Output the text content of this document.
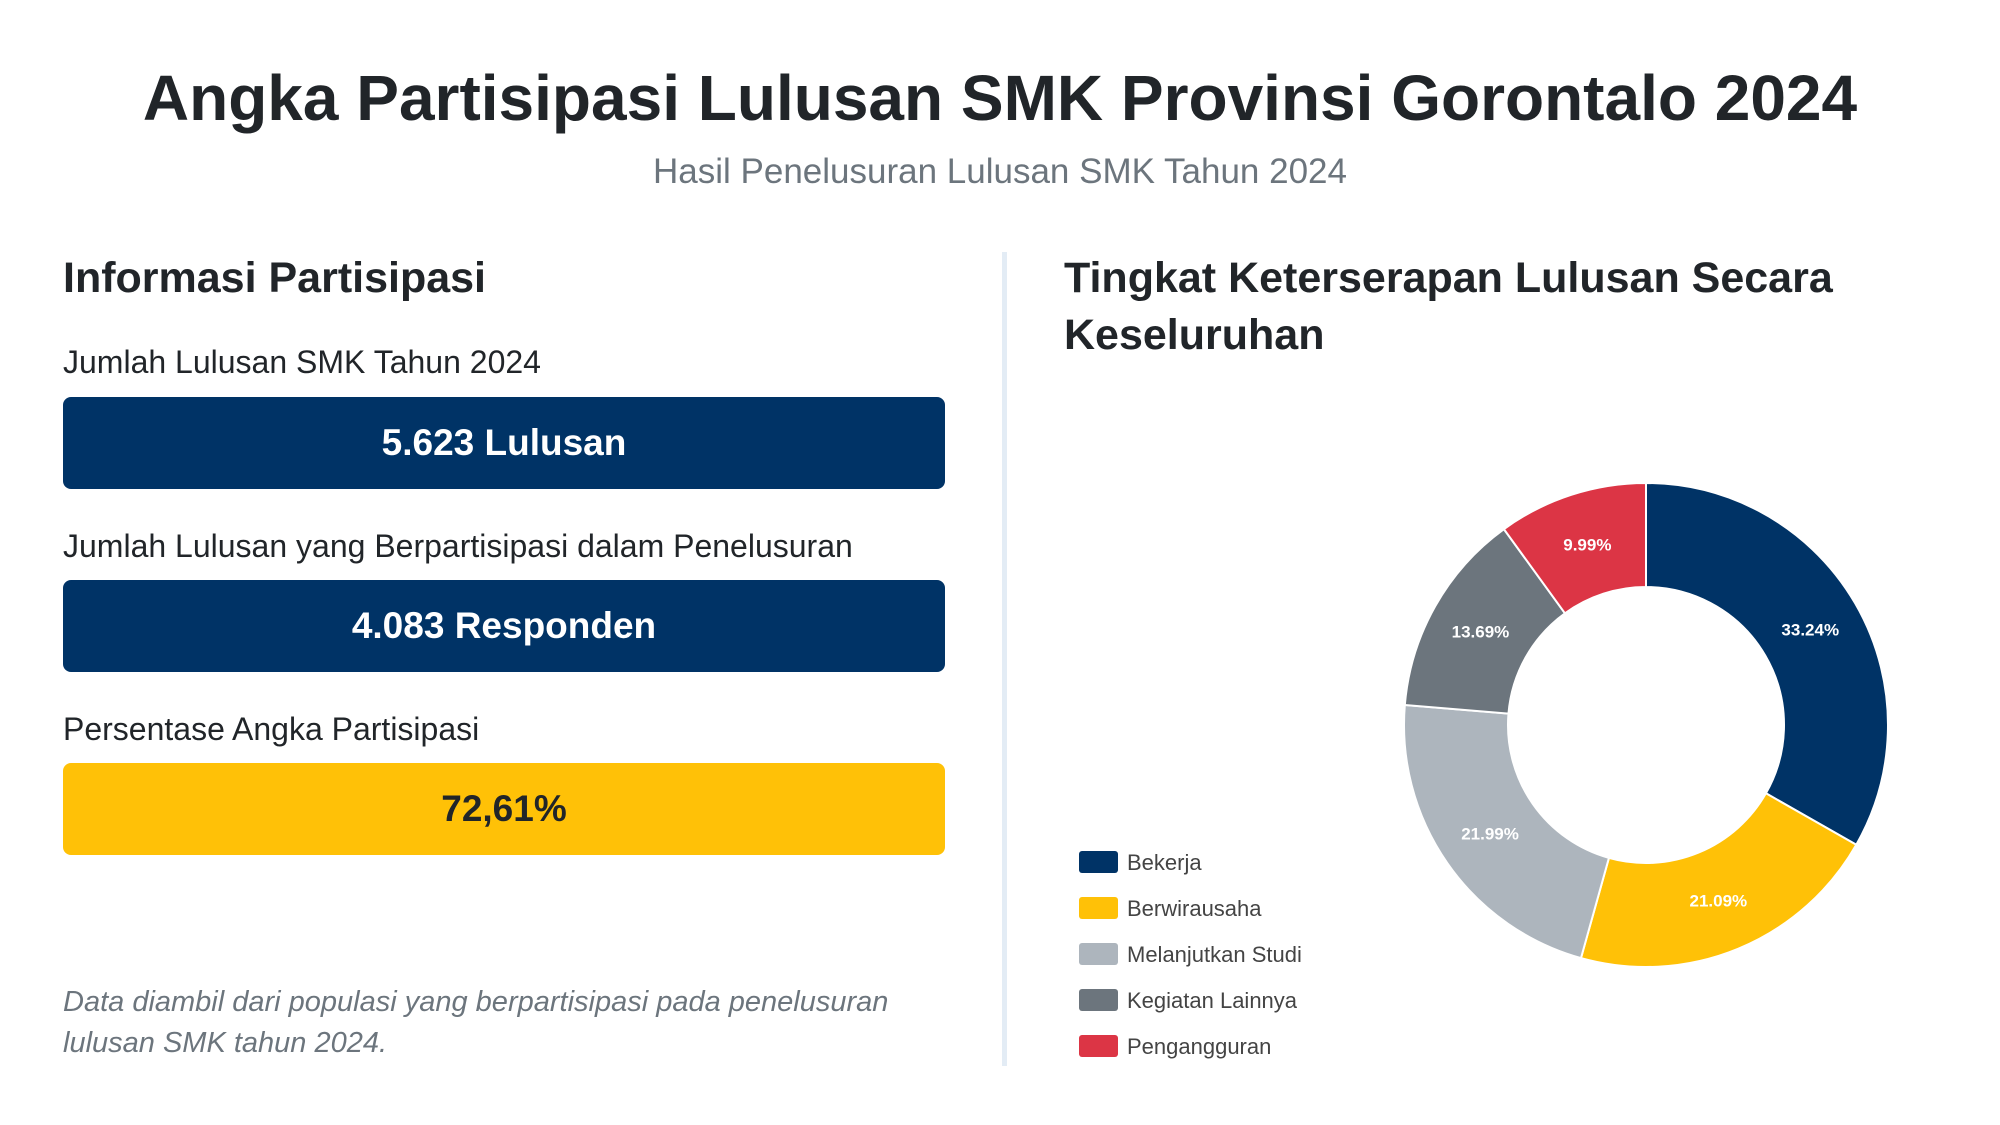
Angka Partisipasi Lulusan SMK Provinsi Gorontalo 2024
Hasil Penelusuran Lulusan SMK Tahun 2024
Informasi Partisipasi
Jumlah Lulusan SMK Tahun 2024
5.623 Lulusan
Jumlah Lulusan yang Berpartisipasi dalam Penelusuran
4.083 Responden
Persentase Angka Partisipasi
72,61%
Data diambil dari populasi yang berpartisipasi pada penelusuran lulusan SMK tahun 2024.
Tingkat Keterserapan Lulusan Secara Keseluruhan
33.24%
21.09%
21.99%
13.69%
9.99%
Bekerja
Berwirausaha
Melanjutkan Studi
Kegiatan Lainnya
Pengangguran
